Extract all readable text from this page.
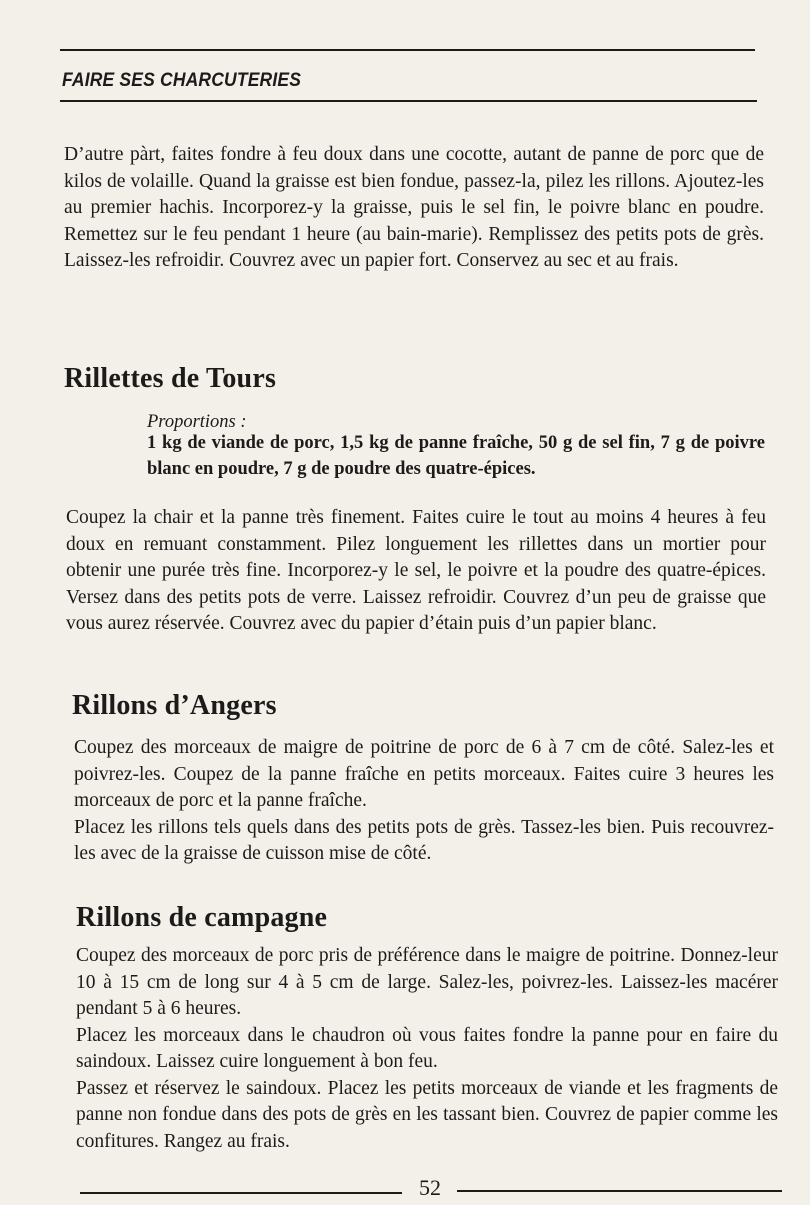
FAIRE SES CHARCUTERIES

D’autre pàrt, faites fondre à feu doux dans une cocotte, autant de panne de porc que de kilos de volaille. Quand la graisse est bien fondue, passez-la, pilez les rillons. Ajoutez-les au premier hachis. Incorporez-y la graisse, puis le sel fin, le poivre blanc en poudre. Remettez sur le feu pendant 1 heure (au bain-marie). Remplissez des petits pots de grès. Laissez-les refroidir. Couvrez avec un papier fort. Conservez au sec et au frais.

Rillettes de Tours
Proportions :
1 kg de viande de porc, 1,5 kg de panne fraîche, 50 g de sel fin, 7 g de poivre blanc en poudre, 7 g de poudre des quatre-épices.

Coupez la chair et la panne très finement. Faites cuire le tout au moins 4 heures à feu doux en remuant constamment. Pilez longuement les rillettes dans un mortier pour obtenir une purée très fine. Incorporez-y le sel, le poivre et la poudre des quatre-épices. Versez dans des petits pots de verre. Laissez refroidir. Couvrez d’un peu de graisse que vous aurez réservée. Couvrez avec du papier d’étain puis d’un papier blanc.

Rillons d’Angers

Coupez des morceaux de maigre de poitrine de porc de 6 à 7 cm de côté. Salez-les et poivrez-les. Coupez de la panne fraîche en petits morceaux. Faites cuire 3 heures les morceaux de porc et la panne fraîche.

Placez les rillons tels quels dans des petits pots de grès. Tassez-les bien. Puis recouvrez-les avec de la graisse de cuisson mise de côté.

Rillons de campagne

Coupez des morceaux de porc pris de préférence dans le maigre de poitrine. Donnez-leur 10 à 15 cm de long sur 4 à 5 cm de large. Salez-les, poivrez-les. Laissez-les macérer pendant 5 à 6 heures.

Placez les morceaux dans le chaudron où vous faites fondre la panne pour en faire du saindoux. Laissez cuire longuement à bon feu.

Passez et réservez le saindoux. Placez les petits morceaux de viande et les fragments de panne non fondue dans des pots de grès en les tassant bien. Couvrez de papier comme les confitures. Rangez au frais.

52
